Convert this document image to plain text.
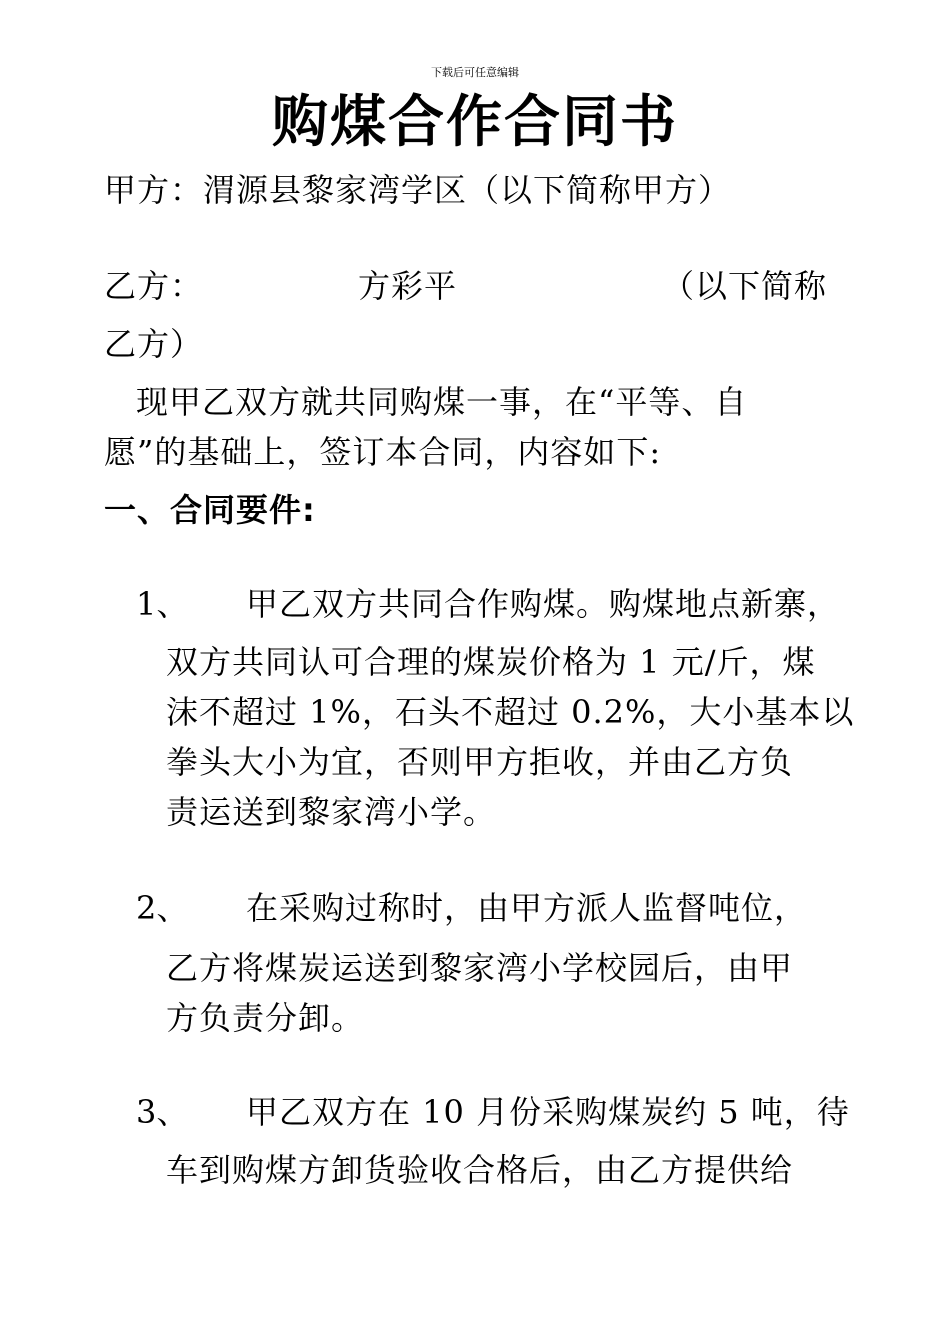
下载后可任意编辑
购煤合作合同书
甲方：渭源县黎家湾学区（以下简称甲方）
乙方：	方彩平	（以下简称
乙方）
现甲乙双方就共同购煤一事，在“平等、自
愿”的基础上，签订本合同，内容如下:
一、合同要件:
1、 甲乙双方共同合作购煤。购煤地点新寨，
双方共同认可合理的煤炭价格为 1 元/斤，煤
沫不超过 1%，石头不超过 0.2%，大小基本以
拳头大小为宜，否则甲方拒收，并由乙方负
责运送到黎家湾小学。
2、 在采购过称时，由甲方派人监督吨位，
乙方将煤炭运送到黎家湾小学校园后，由甲
方负责分卸。
3、 甲乙双方在 10 月份采购煤炭约 5 吨，待
车到购煤方卸货验收合格后，由乙方提供给
